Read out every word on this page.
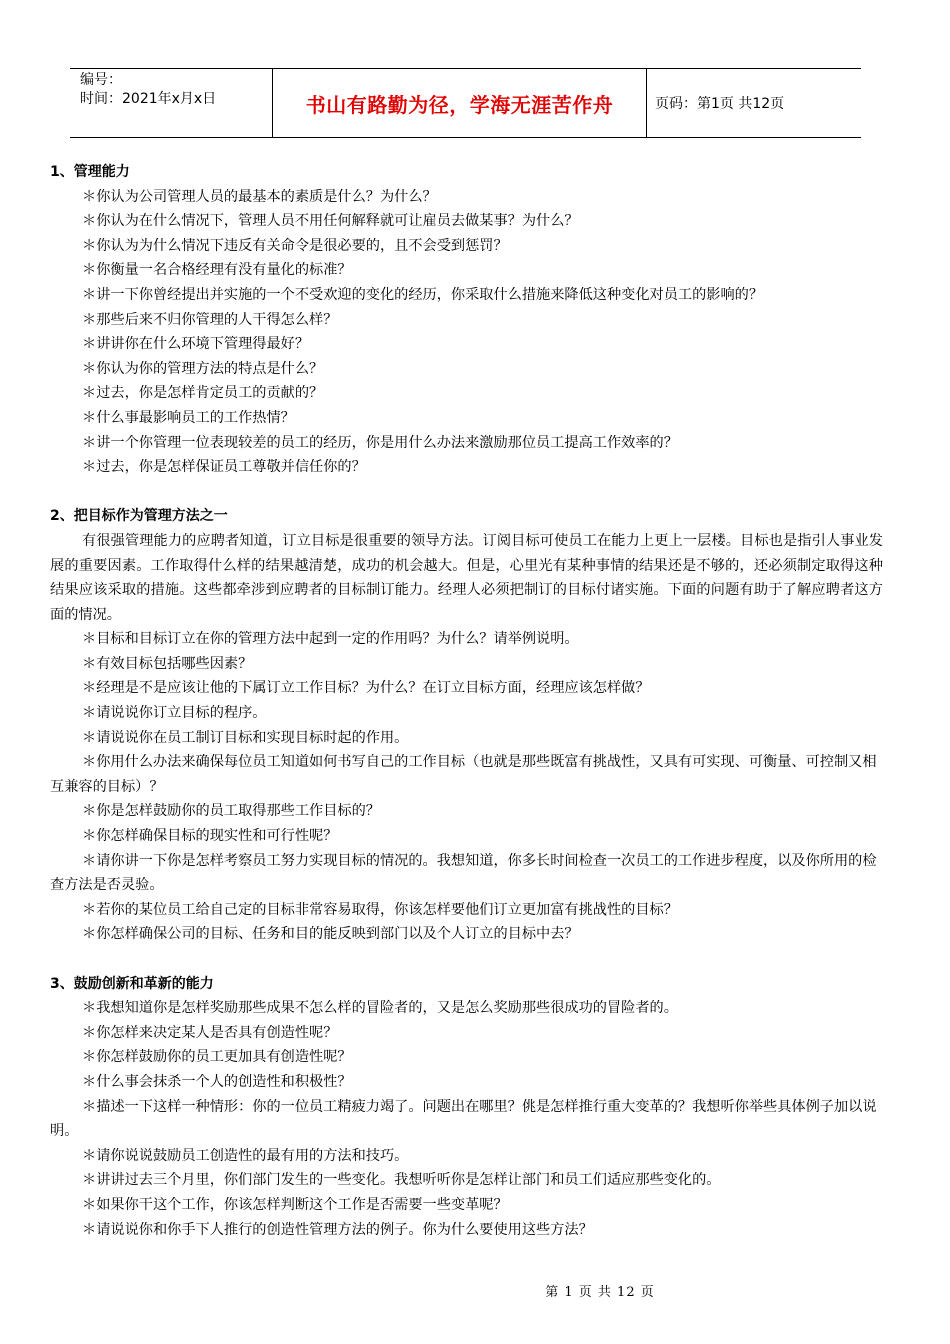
编号：
时间：2021年x月x日	书山有路勤为径，学海无涯苦作舟	页码：第1页 共12页
1、管理能力

＊你认为公司管理人员的最基本的素质是什么？为什么？

＊你认为在什么情况下，管理人员不用任何解释就可让雇员去做某事？为什么？

＊你认为为什么情况下违反有关命令是很必要的，且不会受到惩罚？

＊你衡量一名合格经理有没有量化的标准？

＊讲一下你曾经提出并实施的一个不受欢迎的变化的经历，你采取什么措施来降低这种变化对员工的影响的？

＊那些后来不归你管理的人干得怎么样？

＊讲讲你在什么环境下管理得最好？

＊你认为你的管理方法的特点是什么？

＊过去，你是怎样肯定员工的贡献的？

＊什么事最影响员工的工作热情？

＊讲一个你管理一位表现较差的员工的经历，你是用什么办法来激励那位员工提高工作效率的？

＊过去，你是怎样保证员工尊敬并信任你的？

2、把目标作为管理方法之一

有很强管理能力的应聘者知道，订立目标是很重要的领导方法。订阅目标可使员工在能力上更上一层楼。目标也是指引人事业发展的重要因素。工作取得什么样的结果越清楚，成功的机会越大。但是，心里光有某种事情的结果还是不够的，还必须制定取得这种结果应该采取的措施。这些都牵涉到应聘者的目标制订能力。经理人必须把制订的目标付诸实施。下面的问题有助于了解应聘者这方面的情况。

＊目标和目标订立在你的管理方法中起到一定的作用吗？为什么？请举例说明。

＊有效目标包括哪些因素？

＊经理是不是应该让他的下属订立工作目标？为什么？在订立目标方面，经理应该怎样做？

＊请说说你订立目标的程序。

＊请说说你在员工制订目标和实现目标时起的作用。

＊你用什么办法来确保每位员工知道如何书写自己的工作目标（也就是那些既富有挑战性，又具有可实现、可衡量、可控制又相互兼容的目标）？

＊你是怎样鼓励你的员工取得那些工作目标的？

＊你怎样确保目标的现实性和可行性呢？

＊请你讲一下你是怎样考察员工努力实现目标的情况的。我想知道，你多长时间检查一次员工的工作进步程度，以及你所用的检查方法是否灵验。

＊若你的某位员工给自己定的目标非常容易取得，你该怎样要他们订立更加富有挑战性的目标？

＊你怎样确保公司的目标、任务和目的能反映到部门以及个人订立的目标中去？

3、鼓励创新和革新的能力

＊我想知道你是怎样奖励那些成果不怎么样的冒险者的，又是怎么奖励那些很成功的冒险者的。

＊你怎样来决定某人是否具有创造性呢？

＊你怎样鼓励你的员工更加具有创造性呢？

＊什么事会抹杀一个人的创造性和积极性？

＊描述一下这样一种情形：你的一位员工精疲力竭了。问题出在哪里？佻是怎样推行重大变革的？我想听你举些具体例子加以说明。

＊请你说说鼓励员工创造性的最有用的方法和技巧。

＊讲讲过去三个月里，你们部门发生的一些变化。我想听听你是怎样让部门和员工们适应那些变化的。

＊如果你干这个工作，你该怎样判断这个工作是否需要一些变革呢？

＊请说说你和你手下人推行的创造性管理方法的例子。你为什么要使用这些方法？

第 1 页 共 12 页
